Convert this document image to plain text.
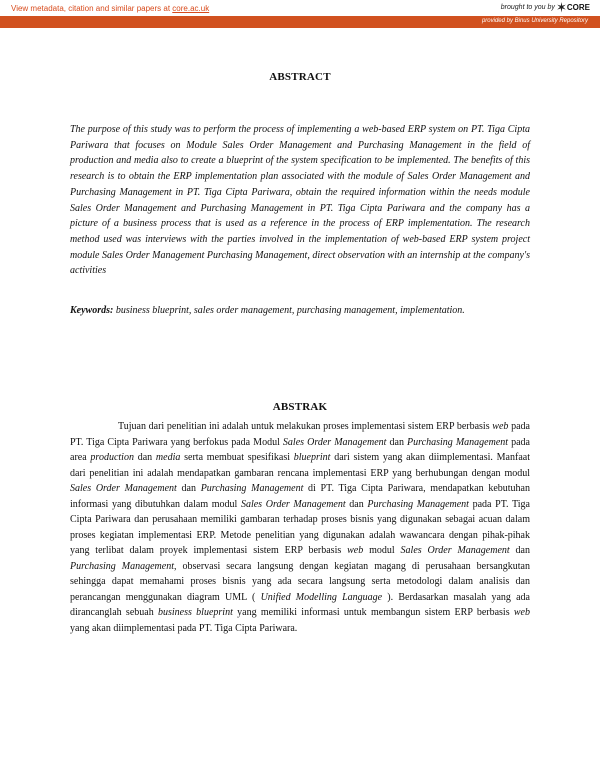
View metadata, citation and similar papers at core.ac.uk	brought to you by CORE
provided by Binus University Repository
ABSTRACT
The purpose of this study was to perform the process of implementing a web-based ERP system on PT. Tiga Cipta Pariwara that focuses on Module Sales Order Management and Purchasing Management in the field of production and media also to create a blueprint of the system specification to be implemented. The benefits of this research is to obtain the ERP implementation plan associated with the module of Sales Order Management and Purchasing Management in PT. Tiga Cipta Pariwara, obtain the required information within the needs module Sales Order Management and Purchasing Management in PT. Tiga Cipta Pariwara and the company has a picture of a business process that is used as a reference in the process of ERP implementation. The research method used was interviews with the parties involved in the implementation of web-based ERP system project module Sales Order Management Purchasing Management, direct observation with an internship at the company's activities
Keywords: business blueprint, sales order management, purchasing management, implementation.
ABSTRAK

Tujuan dari penelitian ini adalah untuk melakukan proses implementasi sistem ERP berbasis web pada PT. Tiga Cipta Pariwara yang berfokus pada Modul Sales Order Management dan Purchasing Management pada area production dan media serta membuat spesifikasi blueprint dari sistem yang akan diimplementasi. Manfaat dari penelitian ini adalah mendapatkan gambaran rencana implementasi ERP yang berhubungan dengan modul Sales Order Management dan Purchasing Management di PT. Tiga Cipta Pariwara, mendapatkan kebutuhan informasi yang dibutuhkan dalam modul Sales Order Management dan Purchasing Management pada PT. Tiga Cipta Pariwara dan perusahaan memiliki gambaran terhadap proses bisnis yang digunakan sebagai acuan dalam proses kegiatan implementasi ERP. Metode penelitian yang digunakan adalah wawancara dengan pihak-pihak yang terlibat dalam proyek implementasi sistem ERP berbasis web modul Sales Order Management dan Purchasing Management, observasi secara langsung dengan kegiatan magang di perusahaan bersangkutan sehingga dapat memahami proses bisnis yang ada secara langsung serta metodologi dalam analisis dan perancangan menggunakan diagram UML ( Unified Modelling Language ). Berdasarkan masalah yang ada dirancanglah sebuah business blueprint yang memiliki informasi untuk membangun sistem ERP berbasis web yang akan diimplementasi pada PT. Tiga Cipta Pariwara.
